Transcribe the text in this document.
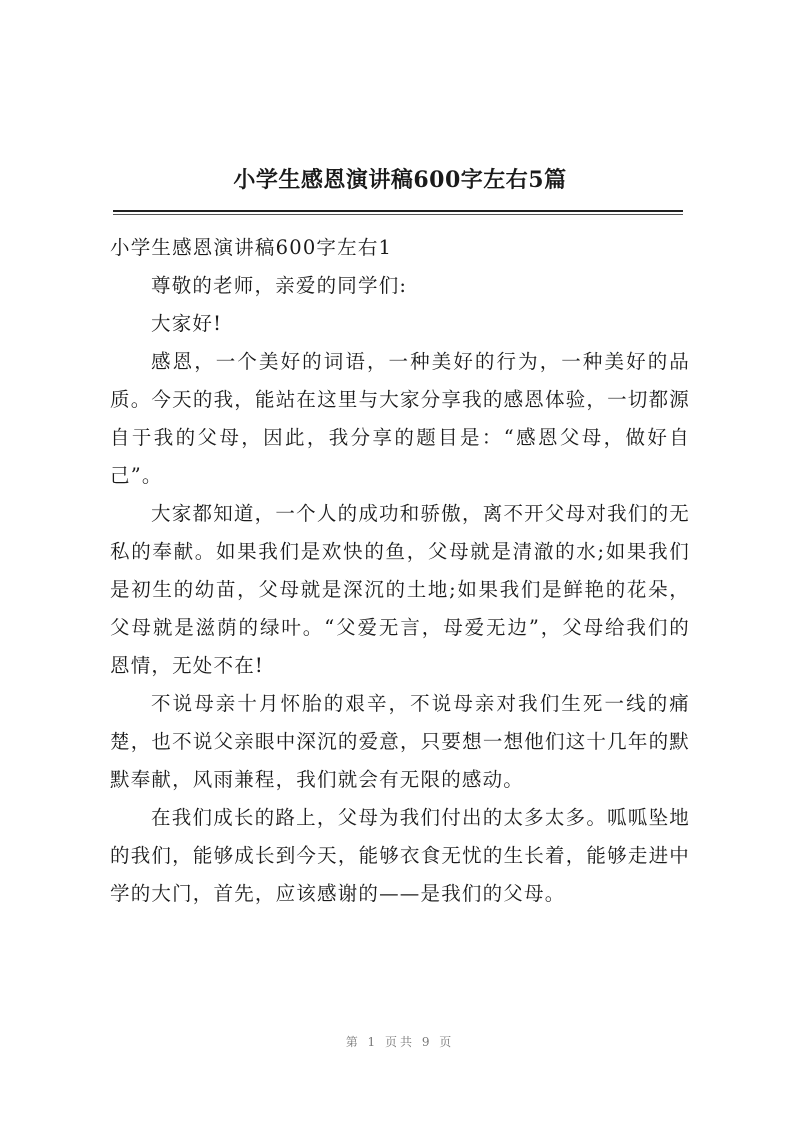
小学生感恩演讲稿600字左右5篇

小学生感恩演讲稿600字左右1

尊敬的老师，亲爱的同学们:

大家好!

感恩，一个美好的词语，一种美好的行为，一种美好的品质。今天的我，能站在这里与大家分享我的感恩体验，一切都源自于我的父母，因此，我分享的题目是：“感恩父母，做好自己”。

大家都知道，一个人的成功和骄傲，离不开父母对我们的无私的奉献。如果我们是欢快的鱼，父母就是清澈的水;如果我们是初生的幼苗，父母就是深沉的土地;如果我们是鲜艳的花朵，父母就是滋荫的绿叶。“父爱无言，母爱无边”，父母给我们的恩情，无处不在!

不说母亲十月怀胎的艰辛，不说母亲对我们生死一线的痛楚，也不说父亲眼中深沉的爱意，只要想一想他们这十几年的默默奉献，风雨兼程，我们就会有无限的感动。

在我们成长的路上，父母为我们付出的太多太多。呱呱坠地的我们，能够成长到今天，能够衣食无忧的生长着，能够走进中学的大门，首先，应该感谢的——是我们的父母。

第 1 页共 9 页
